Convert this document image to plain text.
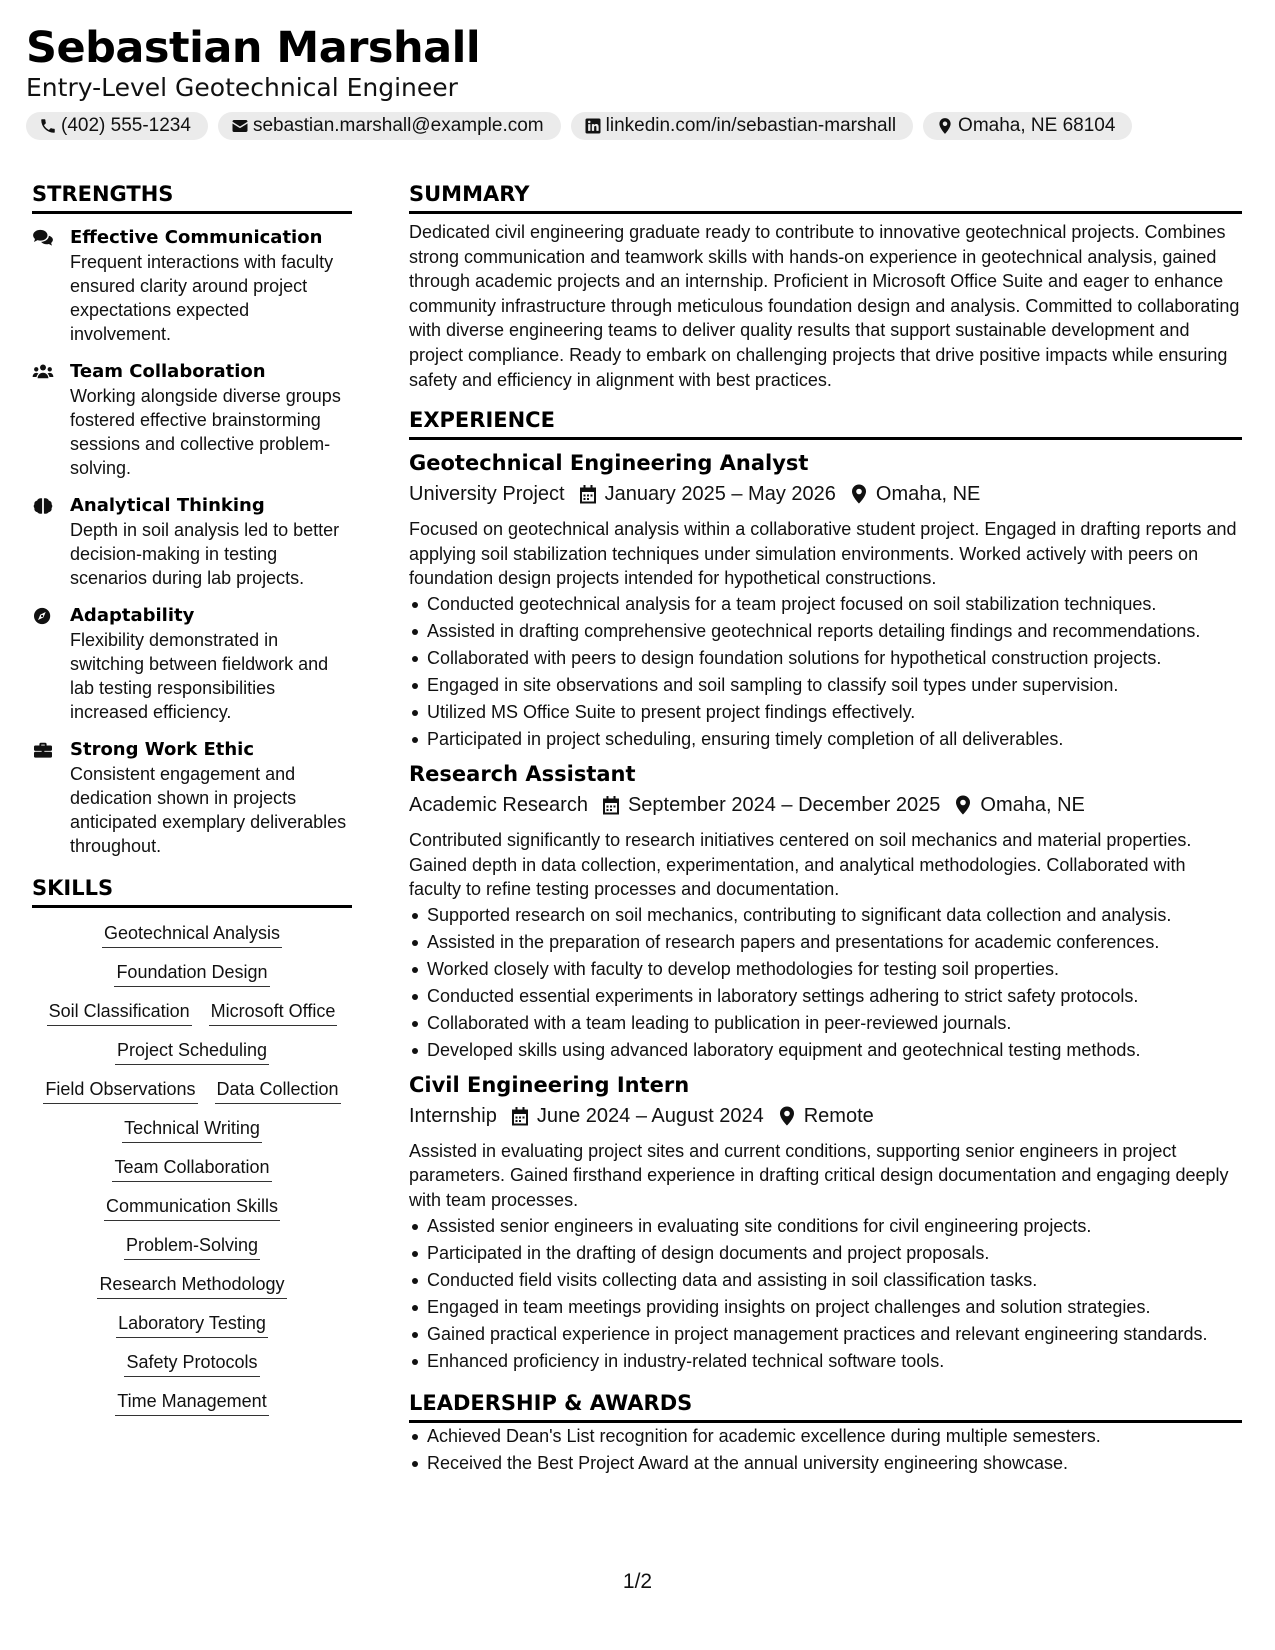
Sebastian Marshall
Entry-Level Geotechnical Engineer
(402) 555-1234	sebastian.marshall@example.com	linkedin.com/in/sebastian-marshall	Omaha, NE 68104
STRENGTHS
Effective Communication
Frequent interactions with faculty ensured clarity around project expectations expected involvement.
Team Collaboration
Working alongside diverse groups fostered effective brainstorming sessions and collective problem-solving.
Analytical Thinking
Depth in soil analysis led to better decision-making in testing scenarios during lab projects.
Adaptability
Flexibility demonstrated in switching between fieldwork and lab testing responsibilities increased efficiency.
Strong Work Ethic
Consistent engagement and dedication shown in projects anticipated exemplary deliverables throughout.
SKILLS
Geotechnical Analysis
Foundation Design
Soil Classification Microsoft Office
Project Scheduling
Field Observations Data Collection
Technical Writing
Team Collaboration
Communication Skills
Problem-Solving
Research Methodology
Laboratory Testing
Safety Protocols
Time Management
SUMMARY
Dedicated civil engineering graduate ready to contribute to innovative geotechnical projects. Combines strong communication and teamwork skills with hands-on experience in geotechnical analysis, gained through academic projects and an internship. Proficient in Microsoft Office Suite and eager to enhance community infrastructure through meticulous foundation design and analysis. Committed to collaborating with diverse engineering teams to deliver quality results that support sustainable development and project compliance. Ready to embark on challenging projects that drive positive impacts while ensuring safety and efficiency in alignment with best practices.
EXPERIENCE
Geotechnical Engineering Analyst
University Project January 2025 – May 2026 Omaha, NE
Focused on geotechnical analysis within a collaborative student project. Engaged in drafting reports and applying soil stabilization techniques under simulation environments. Worked actively with peers on foundation design projects intended for hypothetical constructions.
Conducted geotechnical analysis for a team project focused on soil stabilization techniques.
Assisted in drafting comprehensive geotechnical reports detailing findings and recommendations.
Collaborated with peers to design foundation solutions for hypothetical construction projects.
Engaged in site observations and soil sampling to classify soil types under supervision.
Utilized MS Office Suite to present project findings effectively.
Participated in project scheduling, ensuring timely completion of all deliverables.
Research Assistant
Academic Research September 2024 – December 2025 Omaha, NE
Contributed significantly to research initiatives centered on soil mechanics and material properties. Gained depth in data collection, experimentation, and analytical methodologies. Collaborated with faculty to refine testing processes and documentation.
Supported research on soil mechanics, contributing to significant data collection and analysis.
Assisted in the preparation of research papers and presentations for academic conferences.
Worked closely with faculty to develop methodologies for testing soil properties.
Conducted essential experiments in laboratory settings adhering to strict safety protocols.
Collaborated with a team leading to publication in peer-reviewed journals.
Developed skills using advanced laboratory equipment and geotechnical testing methods.
Civil Engineering Intern
Internship June 2024 – August 2024 Remote
Assisted in evaluating project sites and current conditions, supporting senior engineers in project parameters. Gained firsthand experience in drafting critical design documentation and engaging deeply with team processes.
Assisted senior engineers in evaluating site conditions for civil engineering projects.
Participated in the drafting of design documents and project proposals.
Conducted field visits collecting data and assisting in soil classification tasks.
Engaged in team meetings providing insights on project challenges and solution strategies.
Gained practical experience in project management practices and relevant engineering standards.
Enhanced proficiency in industry-related technical software tools.
LEADERSHIP & AWARDS
Achieved Dean's List recognition for academic excellence during multiple semesters.
Received the Best Project Award at the annual university engineering showcase.
1/2
